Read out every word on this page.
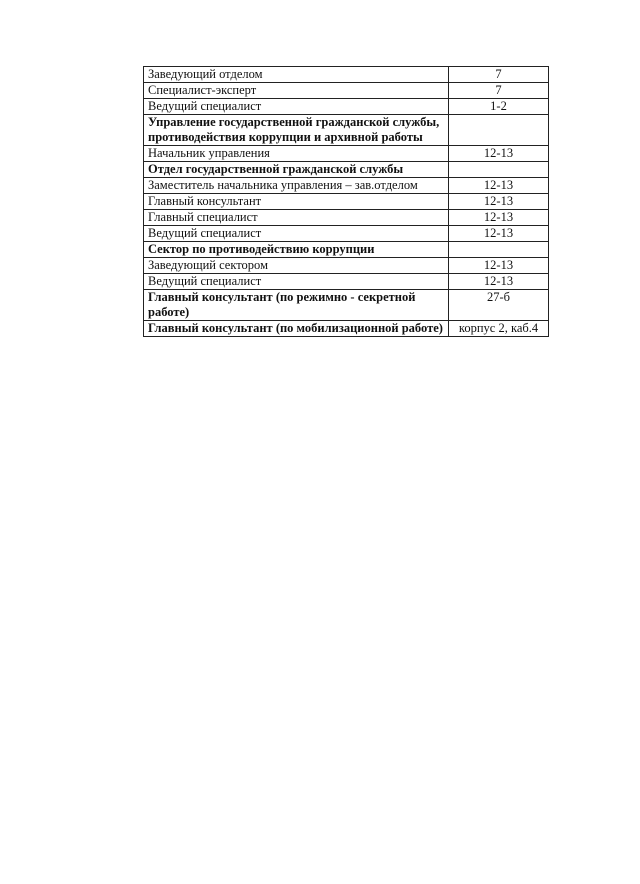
Заведующий отделом	7
Специалист-эксперт	7
Ведущий специалист	1-2
Управление государственной гражданской службы, противодействия коррупции и архивной работы	
Начальник управления	12-13
Отдел государственной гражданской службы	
Заместитель начальника управления – зав.отделом	12-13
Главный консультант	12-13
Главный специалист	12-13
Ведущий специалист	12-13
Сектор по противодействию коррупции	
Заведующий сектором	12-13
Ведущий специалист	12-13
Главный консультант (по режимно - секретной работе)	27-б
Главный консультант (по мобилизационной работе)	корпус 2, каб.4
